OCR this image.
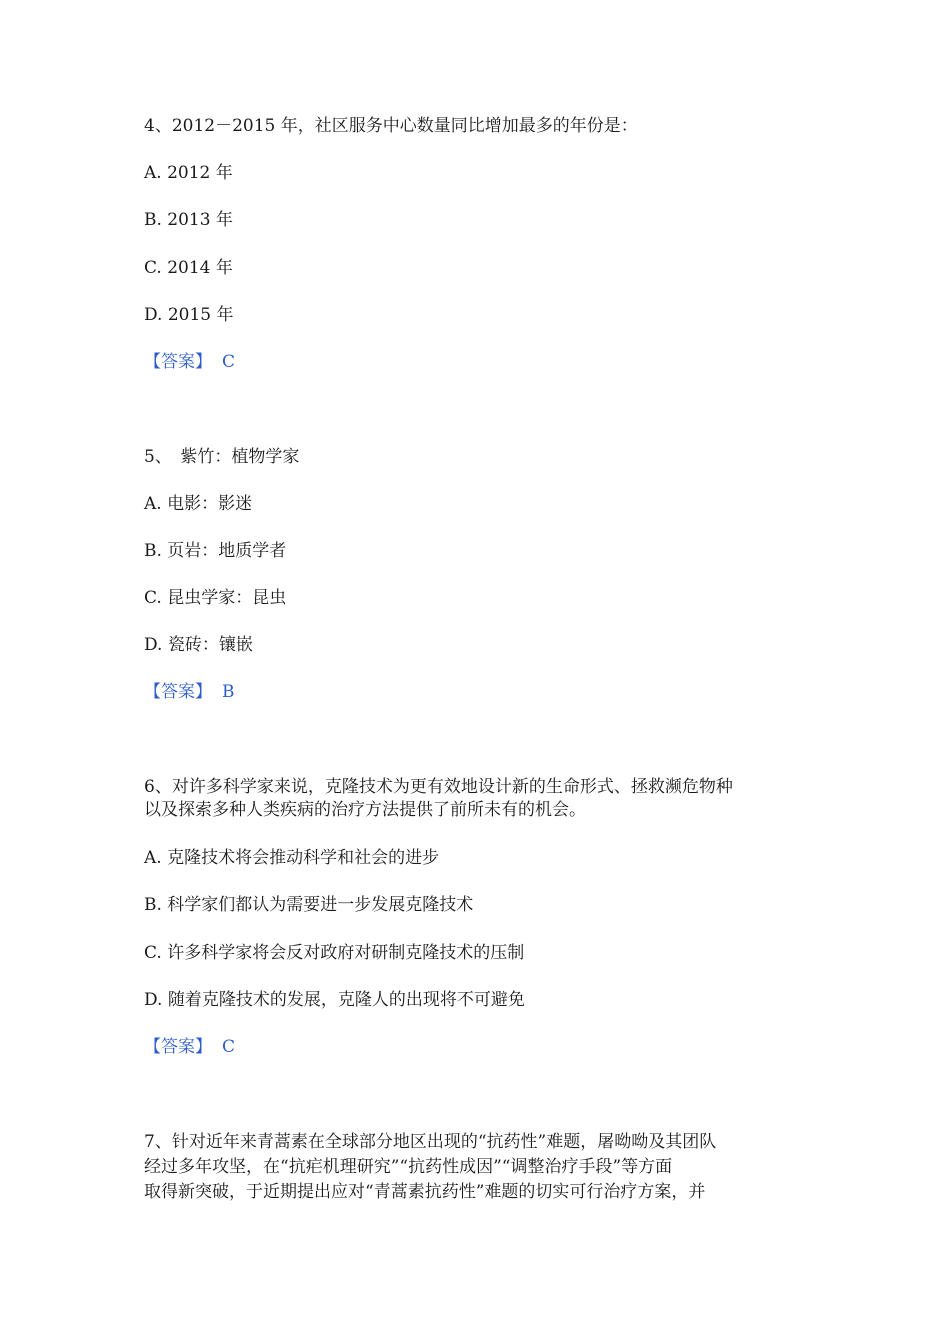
4、2012－2015 年，社区服务中心数量同比增加最多的年份是：
A. 2012 年
B. 2013 年
C. 2014 年
D. 2015 年
【答案】 C
5、　紫竹：植物学家
A. 电影：影迷
B. 页岩：地质学者
C. 昆虫学家：昆虫
D. 瓷砖：镶嵌
【答案】 B
6、对许多科学家来说，克隆技术为更有效地设计新的生命形式、拯救濒危物种
以及探索多种人类疾病的治疗方法提供了前所未有的机会。
A. 克隆技术将会推动科学和社会的进步
B. 科学家们都认为需要进一步发展克隆技术
C. 许多科学家将会反对政府对研制克隆技术的压制
D. 随着克隆技术的发展，克隆人的出现将不可避免
【答案】 C
7、针对近年来青蒿素在全球部分地区出现的“抗药性”难题，屠呦呦及其团队
经过多年攻坚，在“抗疟机理研究”“抗药性成因”“调整治疗手段”等方面
取得新突破，于近期提出应对“青蒿素抗药性”难题的切实可行治疗方案，并
